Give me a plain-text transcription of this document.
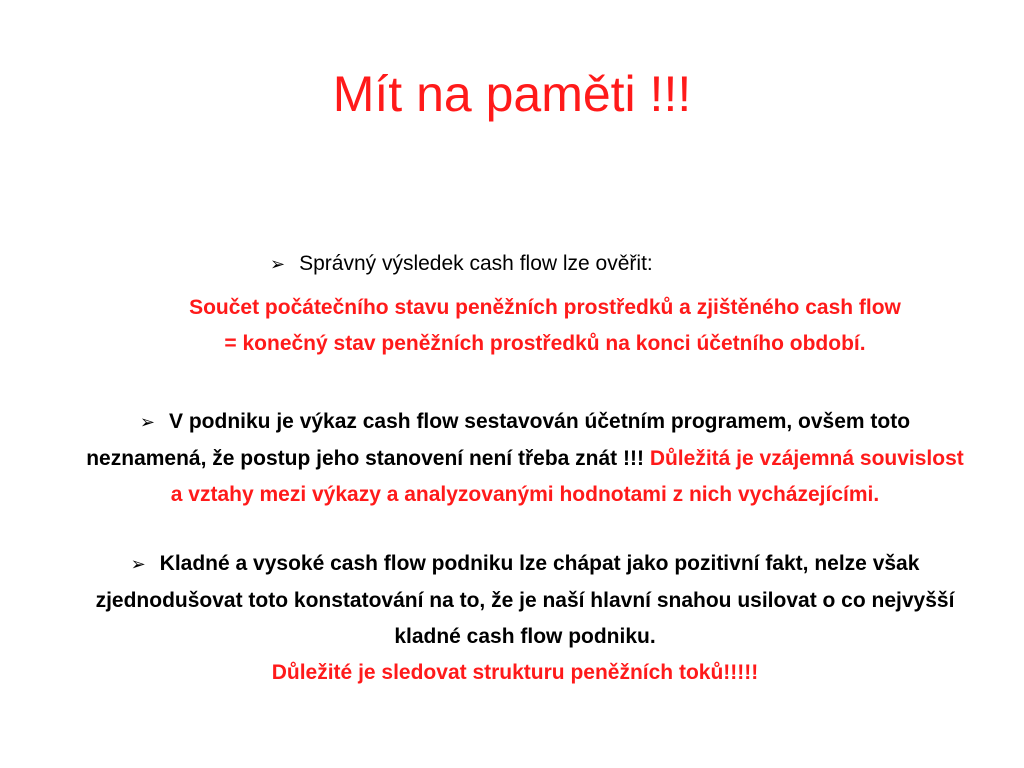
Mít na paměti !!!
➢ Správný výsledek cash flow lze ověřit:
Součet počátečního stavu peněžních prostředků a zjištěného cash flow
= konečný stav peněžních prostředků na konci účetního období.
➢ V podniku je výkaz cash flow sestavován účetním programem, ovšem toto neznamená, že postup jeho stanovení není třeba znát !!! Důležitá je vzájemná souvislost a vztahy mezi výkazy a analyzovanými hodnotami z nich vycházejícími.
➢ Kladné a vysoké cash flow podniku lze chápat jako pozitivní fakt, nelze však zjednodušovat toto konstatování na to, že je naší hlavní snahou usilovat o co nejvyšší kladné cash flow podniku.
Důležité je sledovat strukturu peněžních toků!!!!!
